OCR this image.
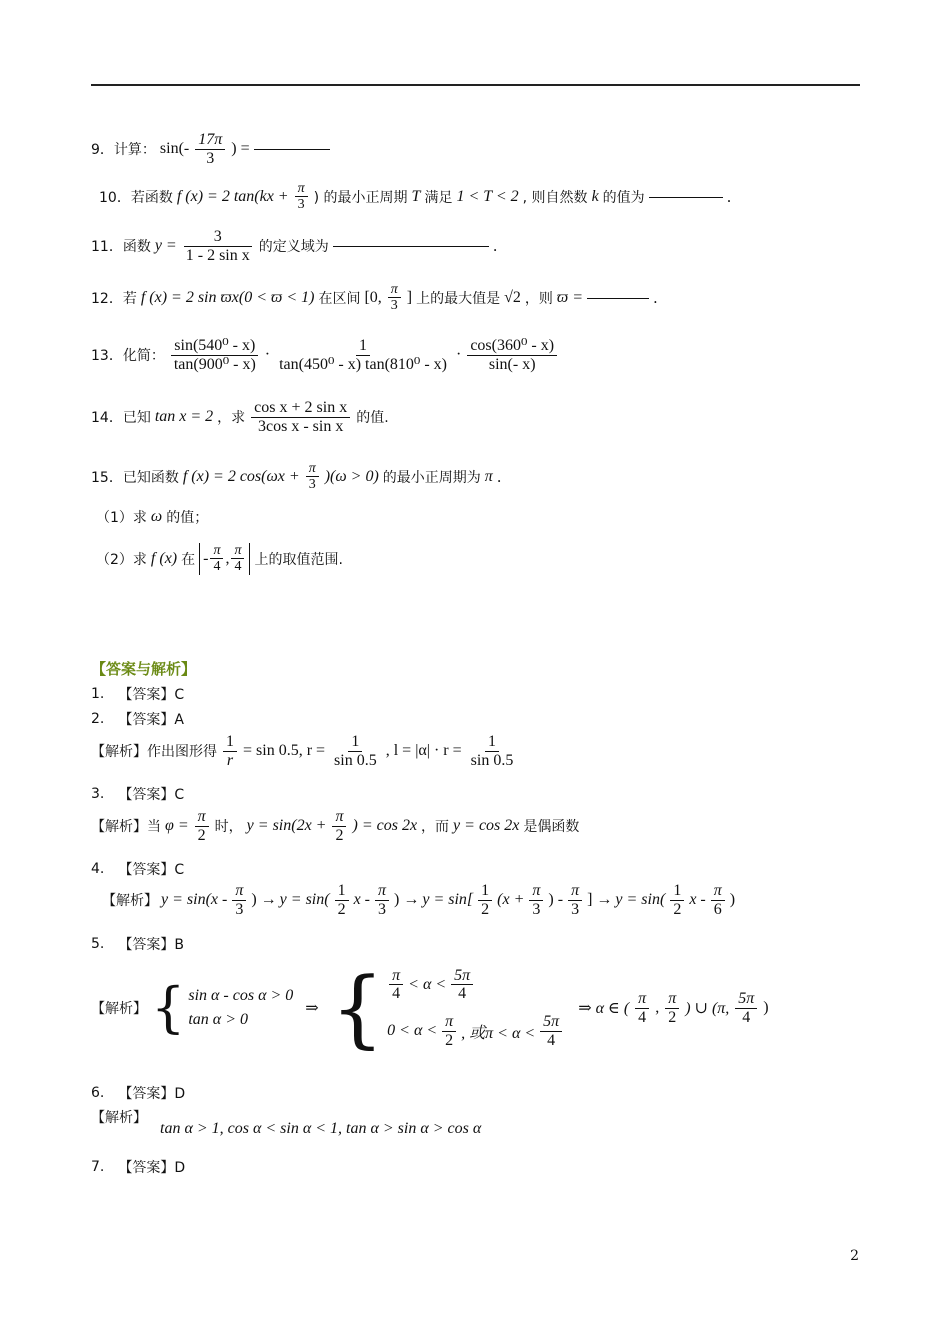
9．计算： $\sin(- \frac{17\pi}{3}$ ) =
10．若函数 f (x) = 2 $\tan(kx + \frac{\pi}{3}$ ) 的最小正周期 T 满足 1 < T < 2 , 则自然数 k 的值为	.
11．函数 $y = \frac{3}{\text{1 - 2 sin x}}$ 的定义域为	.
12．若 f (x) = 2 sin ϖx(0 < ϖ < 1) 在区间 [0, $\frac{\pi}{3}$ ] 上的最大值是 √2 ，则 ϖ =	.
13．化简： $\frac{\text{sin(540⁰ - x)}}{\text{tan(900⁰ - x)}} \cdot \frac{1}{\text{tan(450⁰ - x) tan(810⁰ - x)}} \cdot \frac{\text{cos(360⁰ - x)}}{\sin(- x)}$
14．已知 tan x = 2 ，求 $\frac{\text{cos x + 2 sin x}}{\text{3cos x - sin x}}$ 的值.
15．已知函数 f (x) = 2 $\cos(\omega x + \frac{\pi}{3} )(\omega > 0)$ 的最小正周期为 π .
（1）求 ω 的值；
（2）求 f (x) 在 - $\frac{\pi}{4}$ , $\frac{\pi}{4}$ 上的取值范围.
【答案与解析】
1. 【答案】C
2. 【答案】A
【解析】作出图形得 $\frac{1}{r} = \sin 0.5$, $r = \frac{1}{\sin 0.5}$ , $l = |\alpha| \cdot r = \frac{1}{\sin 0.5}$
3. 【答案】C
【解析】当 $\varphi = \frac{\pi}{2}$ 时， $y = \sin(2x + \frac{\pi}{2}$ ) = cos 2x ，而 y = cos 2x 是偶函数
4. 【答案】C
【解析】 $y = \sin(x - \frac{\pi}{3}$ ) → $y = \sin( \frac{1}{2}$ x - $\frac{\pi}{3}$ ) → $y = \sin[ \frac{1}{2} (x + \frac{\pi}{3}$ ) - $\frac{\pi}{3}$ ] → $y = \sin( \frac{1}{2}$ x - $\frac{\pi}{6}$ )
5. 【答案】B
【解析】 { sin α - cos α > 0
tan α > 0
⇒ { $\frac{\pi}{4} < \alpha < \frac{5\pi}{4}$
$0 < \alpha < \frac{\pi}{2}$ , 或$\pi < \alpha < \frac{5\pi}{4}$
⇒ α ∈ ( $\frac{\pi}{4}$ , $\frac{\pi}{2}$ ) ∪ (π, $\frac{5\pi}{4}$ )
6. 【答案】D
【解析】
tan α > 1, cos α < sin α < 1, tan α > sin α > cos α
7. 【答案】D
2
